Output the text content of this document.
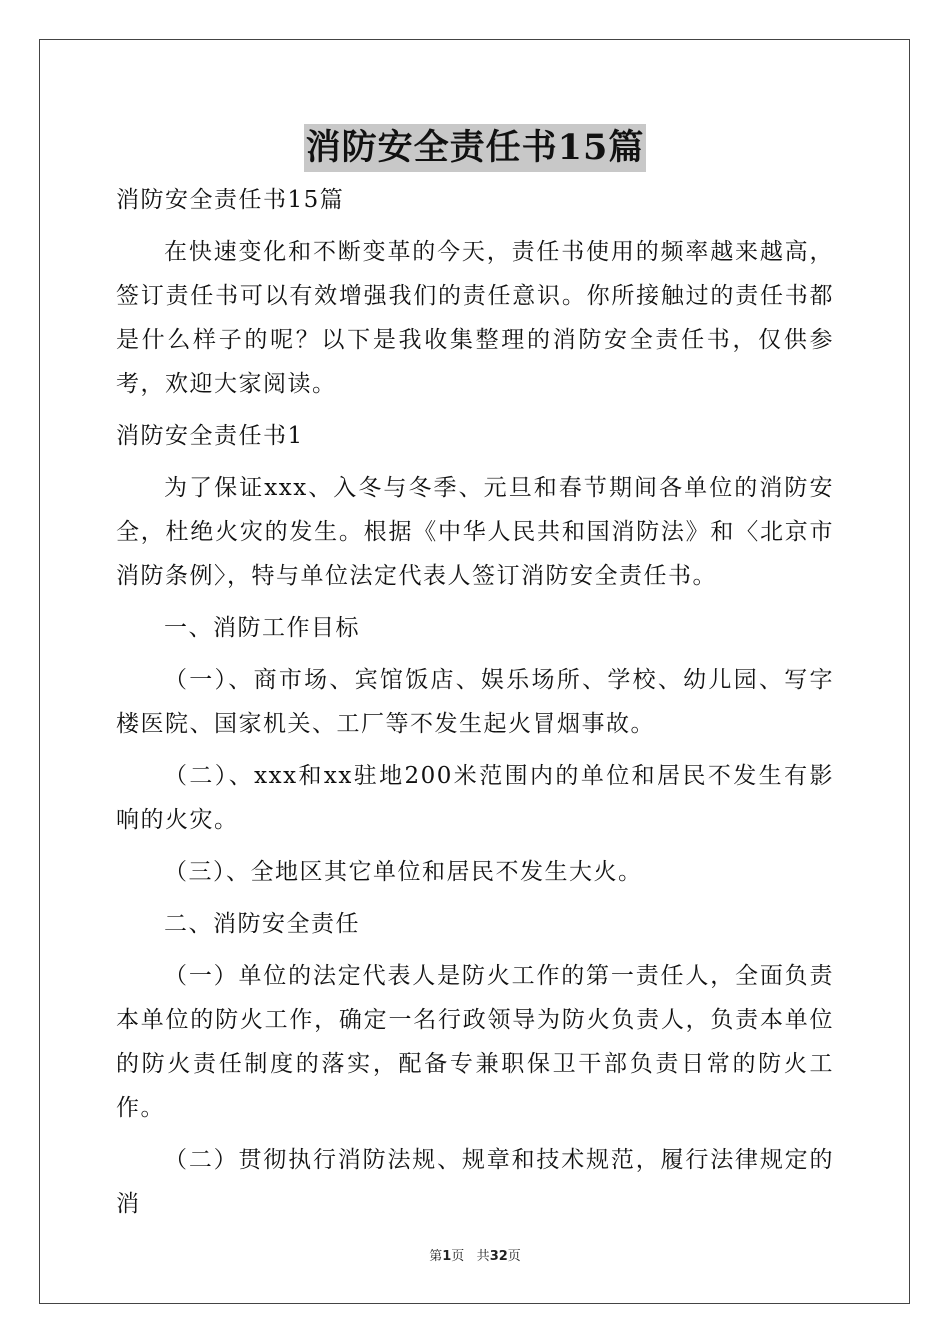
消防安全责任书15篇

消防安全责任书15篇

在快速变化和不断变革的今天，责任书使用的频率越来越高，签订责任书可以有效增强我们的责任意识。你所接触过的责任书都是什么样子的呢？以下是我收集整理的消防安全责任书，仅供参考，欢迎大家阅读。

消防安全责任书1

为了保证xxx、入冬与冬季、元旦和春节期间各单位的消防安全，杜绝火灾的发生。根据《中华人民共和国消防法》和〈北京市消防条例〉，特与单位法定代表人签订消防安全责任书。

一、消防工作目标

（一）、商市场、宾馆饭店、娱乐场所、学校、幼儿园、写字楼医院、国家机关、工厂等不发生起火冒烟事故。

（二）、xxx和xx驻地200米范围内的单位和居民不发生有影响的火灾。

（三）、全地区其它单位和居民不发生大火。

二、消防安全责任

（一）单位的法定代表人是防火工作的第一责任人，全面负责本单位的防火工作，确定一名行政领导为防火负责人，负责本单位的防火责任制度的落实，配备专兼职保卫干部负责日常的防火工作。

（二）贯彻执行消防法规、规章和技术规范，履行法律规定的消

第1页 共32页
